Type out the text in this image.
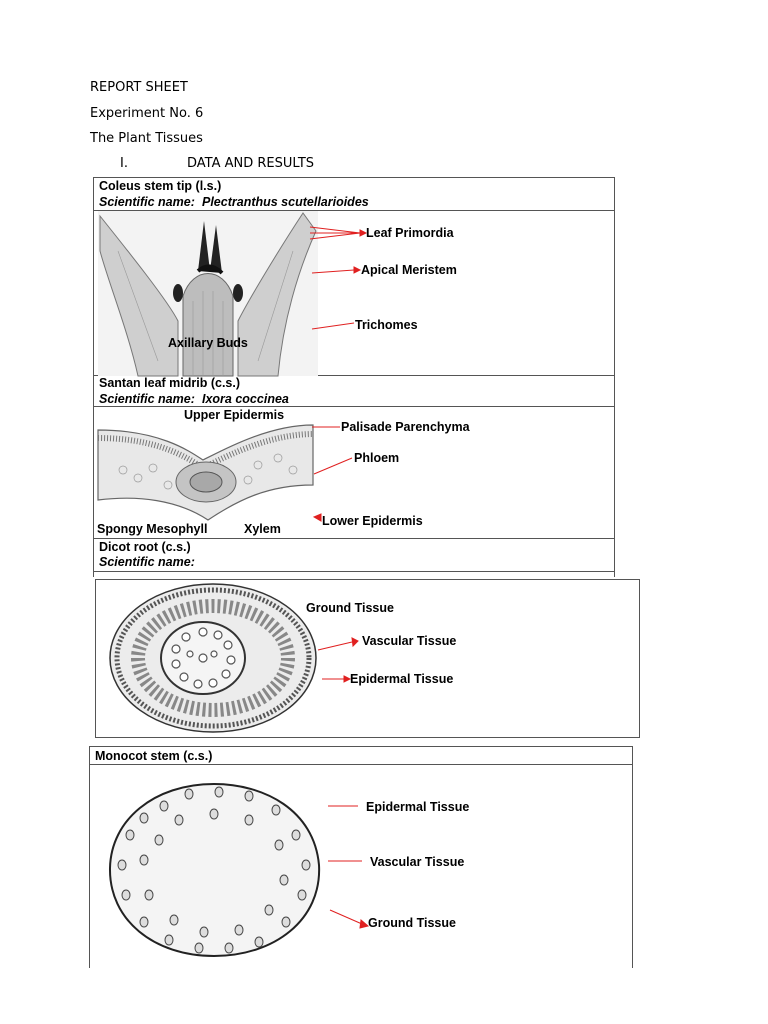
REPORT SHEET
Experiment No. 6
The Plant Tissues
I.	DATA AND RESULTS
Coleus stem tip (l.s.)
Scientific name: Plectranthus scutellarioides
Axillary Buds
Leaf Primordia
Apical Meristem
Trichomes
Santan leaf midrib (c.s.)
Scientific name: Ixora coccinea
Upper Epidermis
Palisade Parenchyma
Phloem
Lower Epidermis
Spongy Mesophyll	Xylem
Dicot root (c.s.)
Scientific name:
Ground Tissue
Vascular Tissue
Epidermal Tissue
Monocot stem (c.s.)
Epidermal Tissue
Vascular Tissue
Ground Tissue
